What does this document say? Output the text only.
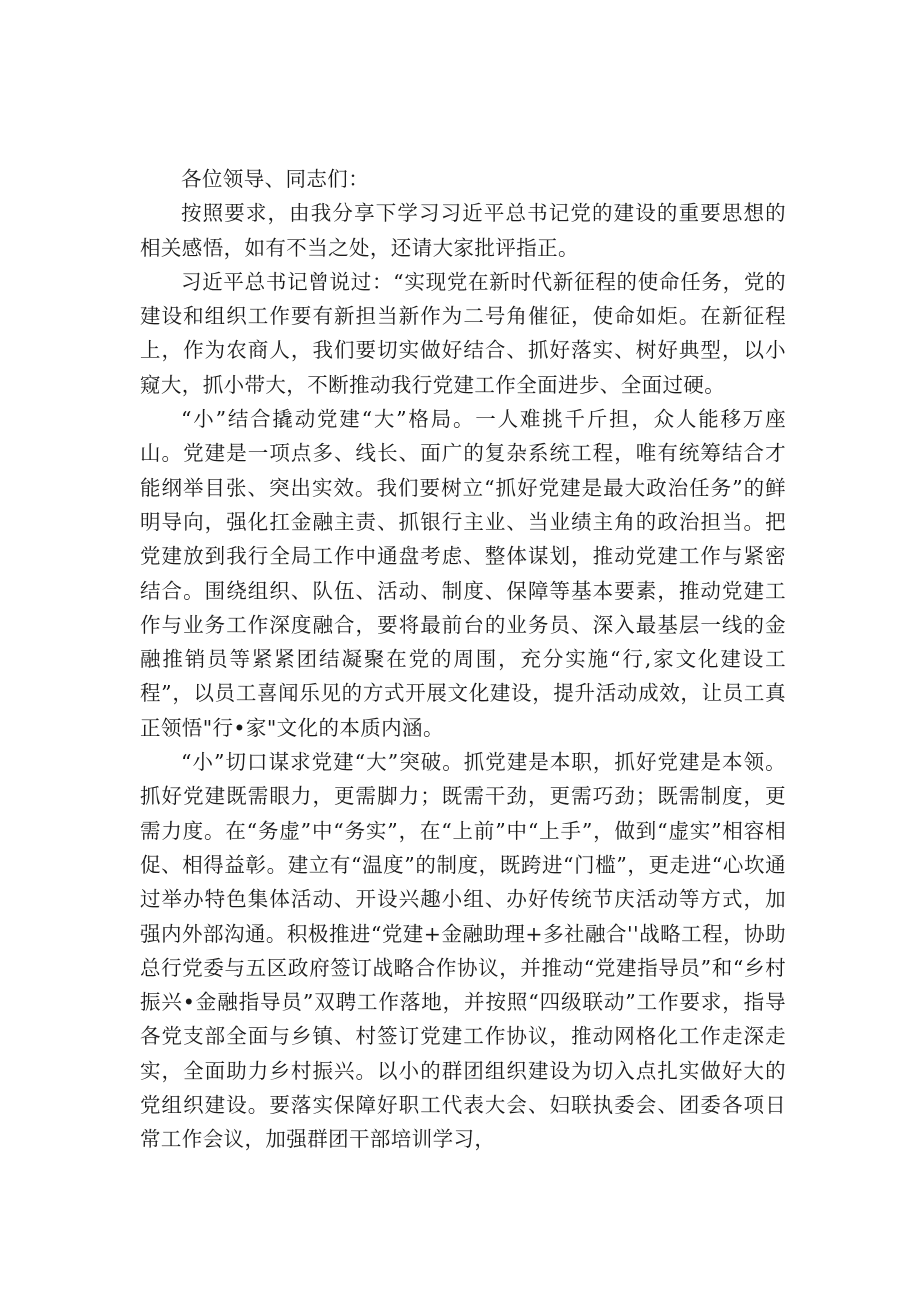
各位领导、同志们：

按照要求，由我分享下学习习近平总书记党的建设的重要思想的相关感悟，如有不当之处，还请大家批评指正。

习近平总书记曾说过：“实现党在新时代新征程的使命任务，党的建设和组织工作要有新担当新作为二号角催征，使命如炬。在新征程上，作为农商人，我们要切实做好结合、抓好落实、树好典型，以小窥大，抓小带大，不断推动我行党建工作全面进步、全面过硬。

“小”结合撬动党建“大”格局。一人难挑千斤担，众人能移万座山。党建是一项点多、线长、面广的复杂系统工程，唯有统筹结合才能纲举目张、突出实效。我们要树立“抓好党建是最大政治任务”的鲜明导向，强化扛金融主责、抓银行主业、当业绩主角的政治担当。把党建放到我行全局工作中通盘考虑、整体谋划，推动党建工作与紧密结合。围绕组织、队伍、活动、制度、保障等基本要素，推动党建工作与业务工作深度融合，要将最前台的业务员、深入最基层一线的金融推销员等紧紧团结凝聚在党的周围，充分实施“行,家文化建设工程”，以员工喜闻乐见的方式开展文化建设，提升活动成效，让员工真正领悟"行•家"文化的本质内涵。

“小”切口谋求党建“大”突破。抓党建是本职，抓好党建是本领。抓好党建既需眼力，更需脚力；既需干劲，更需巧劲；既需制度，更需力度。在“务虚”中“务实”，在“上前”中“上手”，做到“虚实”相容相促、相得益彰。建立有“温度”的制度，既跨进“门槛”，更走进“心坎通过举办特色集体活动、开设兴趣小组、办好传统节庆活动等方式，加强内外部沟通。积极推进“党建+金融助理+多社融合''战略工程，协助总行党委与五区政府签订战略合作协议，并推动“党建指导员”和“乡村振兴•金融指导员”双聘工作落地，并按照“四级联动”工作要求，指导各党支部全面与乡镇、村签订党建工作协议，推动网格化工作走深走实，全面助力乡村振兴。以小的群团组织建设为切入点扎实做好大的党组织建设。要落实保障好职工代表大会、妇联执委会、团委各项日常工作会议，加强群团干部培训学习，
